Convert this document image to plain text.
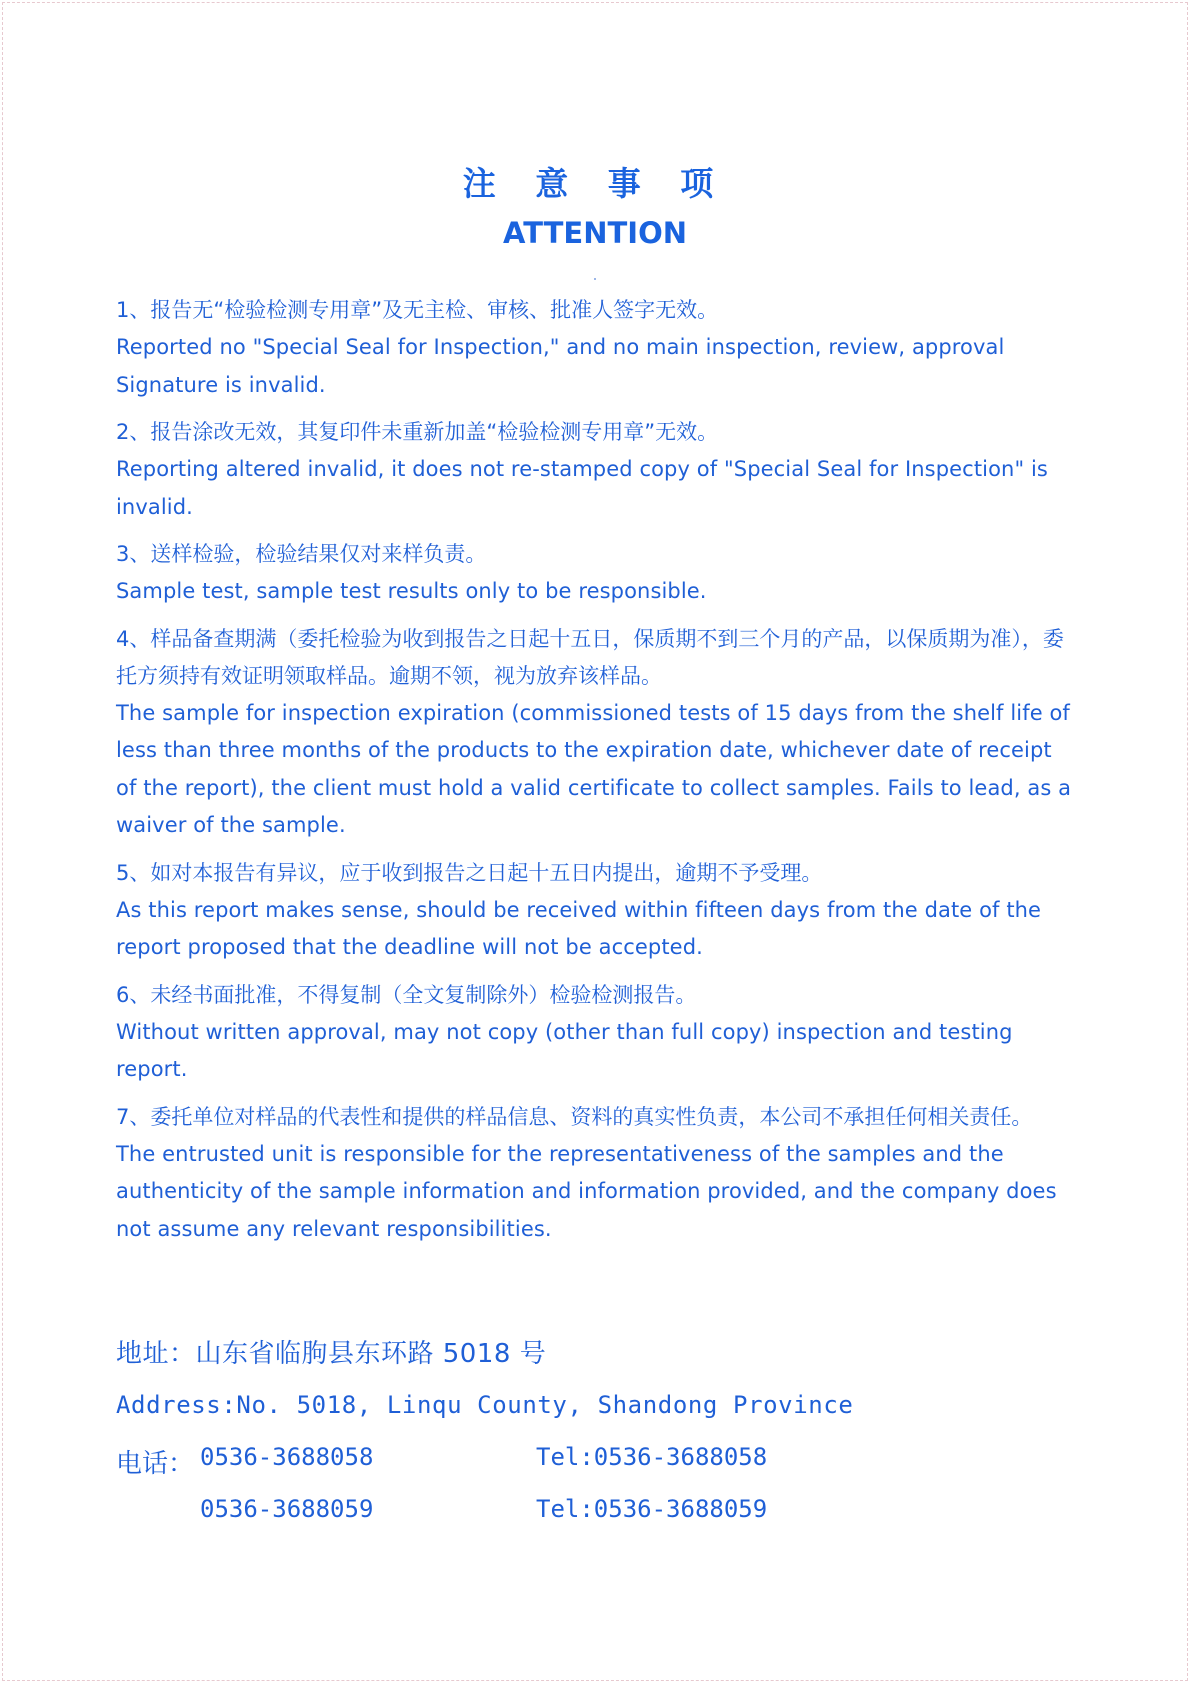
注 意 事 项
ATTENTION

1、报告无“检验检测专用章”及无主检、审核、批准人签字无效。

Reported no "Special Seal for Inspection," and no main inspection, review, approval Signature is invalid.

2、报告涂改无效，其复印件未重新加盖“检验检测专用章”无效。

Reporting altered invalid, it does not re-stamped copy of "Special Seal for Inspection" is invalid.

3、送样检验，检验结果仅对来样负责。

Sample test, sample test results only to be responsible.

4、样品备查期满（委托检验为收到报告之日起十五日，保质期不到三个月的产品，以保质期为准），委托方须持有效证明领取样品。逾期不领，视为放弃该样品。

The sample for inspection expiration (commissioned tests of 15 days from the shelf life of less than three months of the products to the expiration date, whichever date of receipt of the report), the client must hold a valid certificate to collect samples. Fails to lead, as a waiver of the sample.

5、如对本报告有异议，应于收到报告之日起十五日内提出，逾期不予受理。

As this report makes sense, should be received within fifteen days from the date of the report proposed that the deadline will not be accepted.

6、未经书面批准，不得复制（全文复制除外）检验检测报告。

Without written approval, may not copy (other than full copy) inspection and testing report.

7、委托单位对样品的代表性和提供的样品信息、资料的真实性负责，本公司不承担任何相关责任。

The entrusted unit is responsible for the representativeness of the samples and the authenticity of the sample information and information provided, and the company does not assume any relevant responsibilities.

地址：山东省临朐县东环路 5018 号
Address:No. 5018, Linqu County, Shandong Province
电话： 0536-3688058	Tel:0536-3688058
0536-3688059	Tel:0536-3688059
